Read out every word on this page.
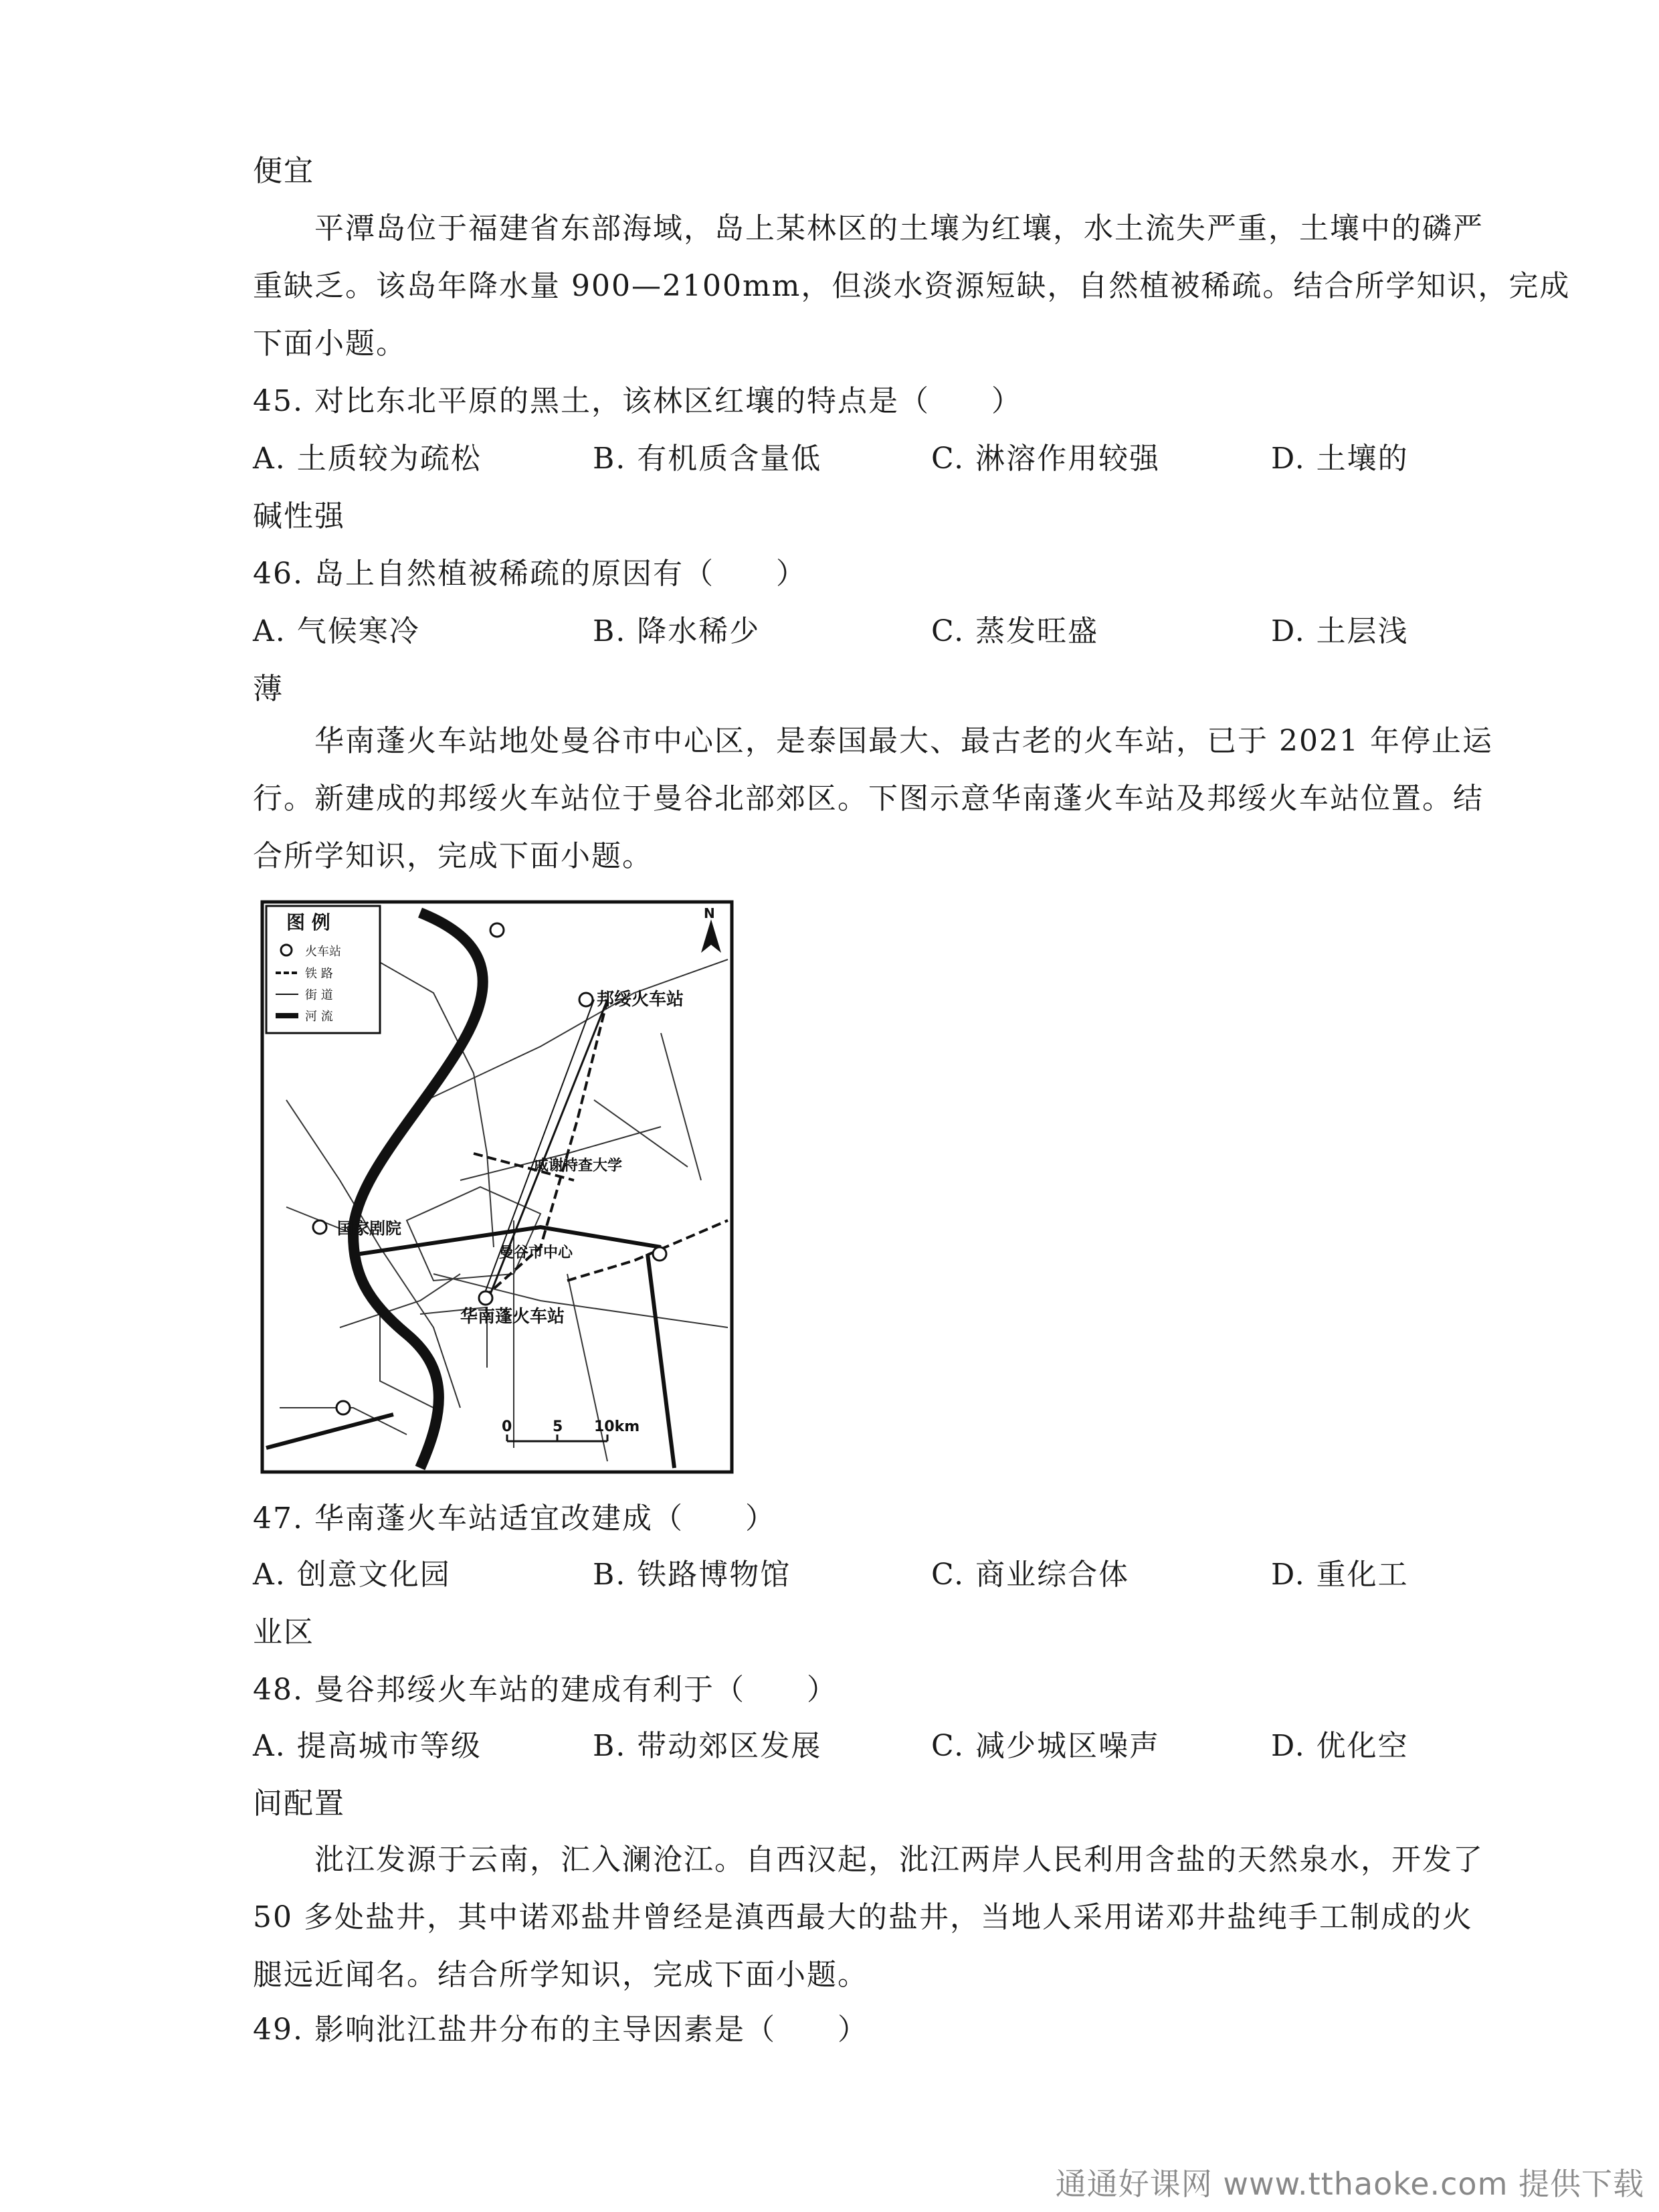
便宜
平潭岛位于福建省东部海域，岛上某林区的土壤为红壤，水土流失严重，土壤中的磷严
重缺乏。该岛年降水量 900—2100mm，但淡水资源短缺，自然植被稀疏。结合所学知识，完成
下面小题。
45. 对比东北平原的黑土，该林区红壤的特点是（　　）
A. 土质较为疏松	B. 有机质含量低	C. 淋溶作用较强	D. 土壤的
碱性强
46. 岛上自然植被稀疏的原因有（　　）
A. 气候寒冷	B. 降水稀少	C. 蒸发旺盛	D. 土层浅
薄
华南蓬火车站地处曼谷市中心区，是泰国最大、最古老的火车站，已于 2021 年停止运
行。新建成的邦绥火车站位于曼谷北部郊区。下图示意华南蓬火车站及邦绥火车站位置。结
合所学知识，完成下面小题。
图 例
火车站
铁 路
街 道
河 流
N
邦绥火车站
戚谢特查大学
国家剧院
曼谷市中心
华南蓬火车站
0	5 10km
47. 华南蓬火车站适宜改建成（　　）
A. 创意文化园	B. 铁路博物馆	C. 商业综合体	D. 重化工
业区
48. 曼谷邦绥火车站的建成有利于（　　）
A. 提高城市等级	B. 带动郊区发展	C. 减少城区噪声	D. 优化空
间配置
沘江发源于云南，汇入澜沧江。自西汉起，沘江两岸人民利用含盐的天然泉水，开发了
50 多处盐井，其中诺邓盐井曾经是滇西最大的盐井，当地人采用诺邓井盐纯手工制成的火
腿远近闻名。结合所学知识，完成下面小题。
49. 影响沘江盐井分布的主导因素是（　　）
通通好课网 www.tthaoke.com 提供下载
